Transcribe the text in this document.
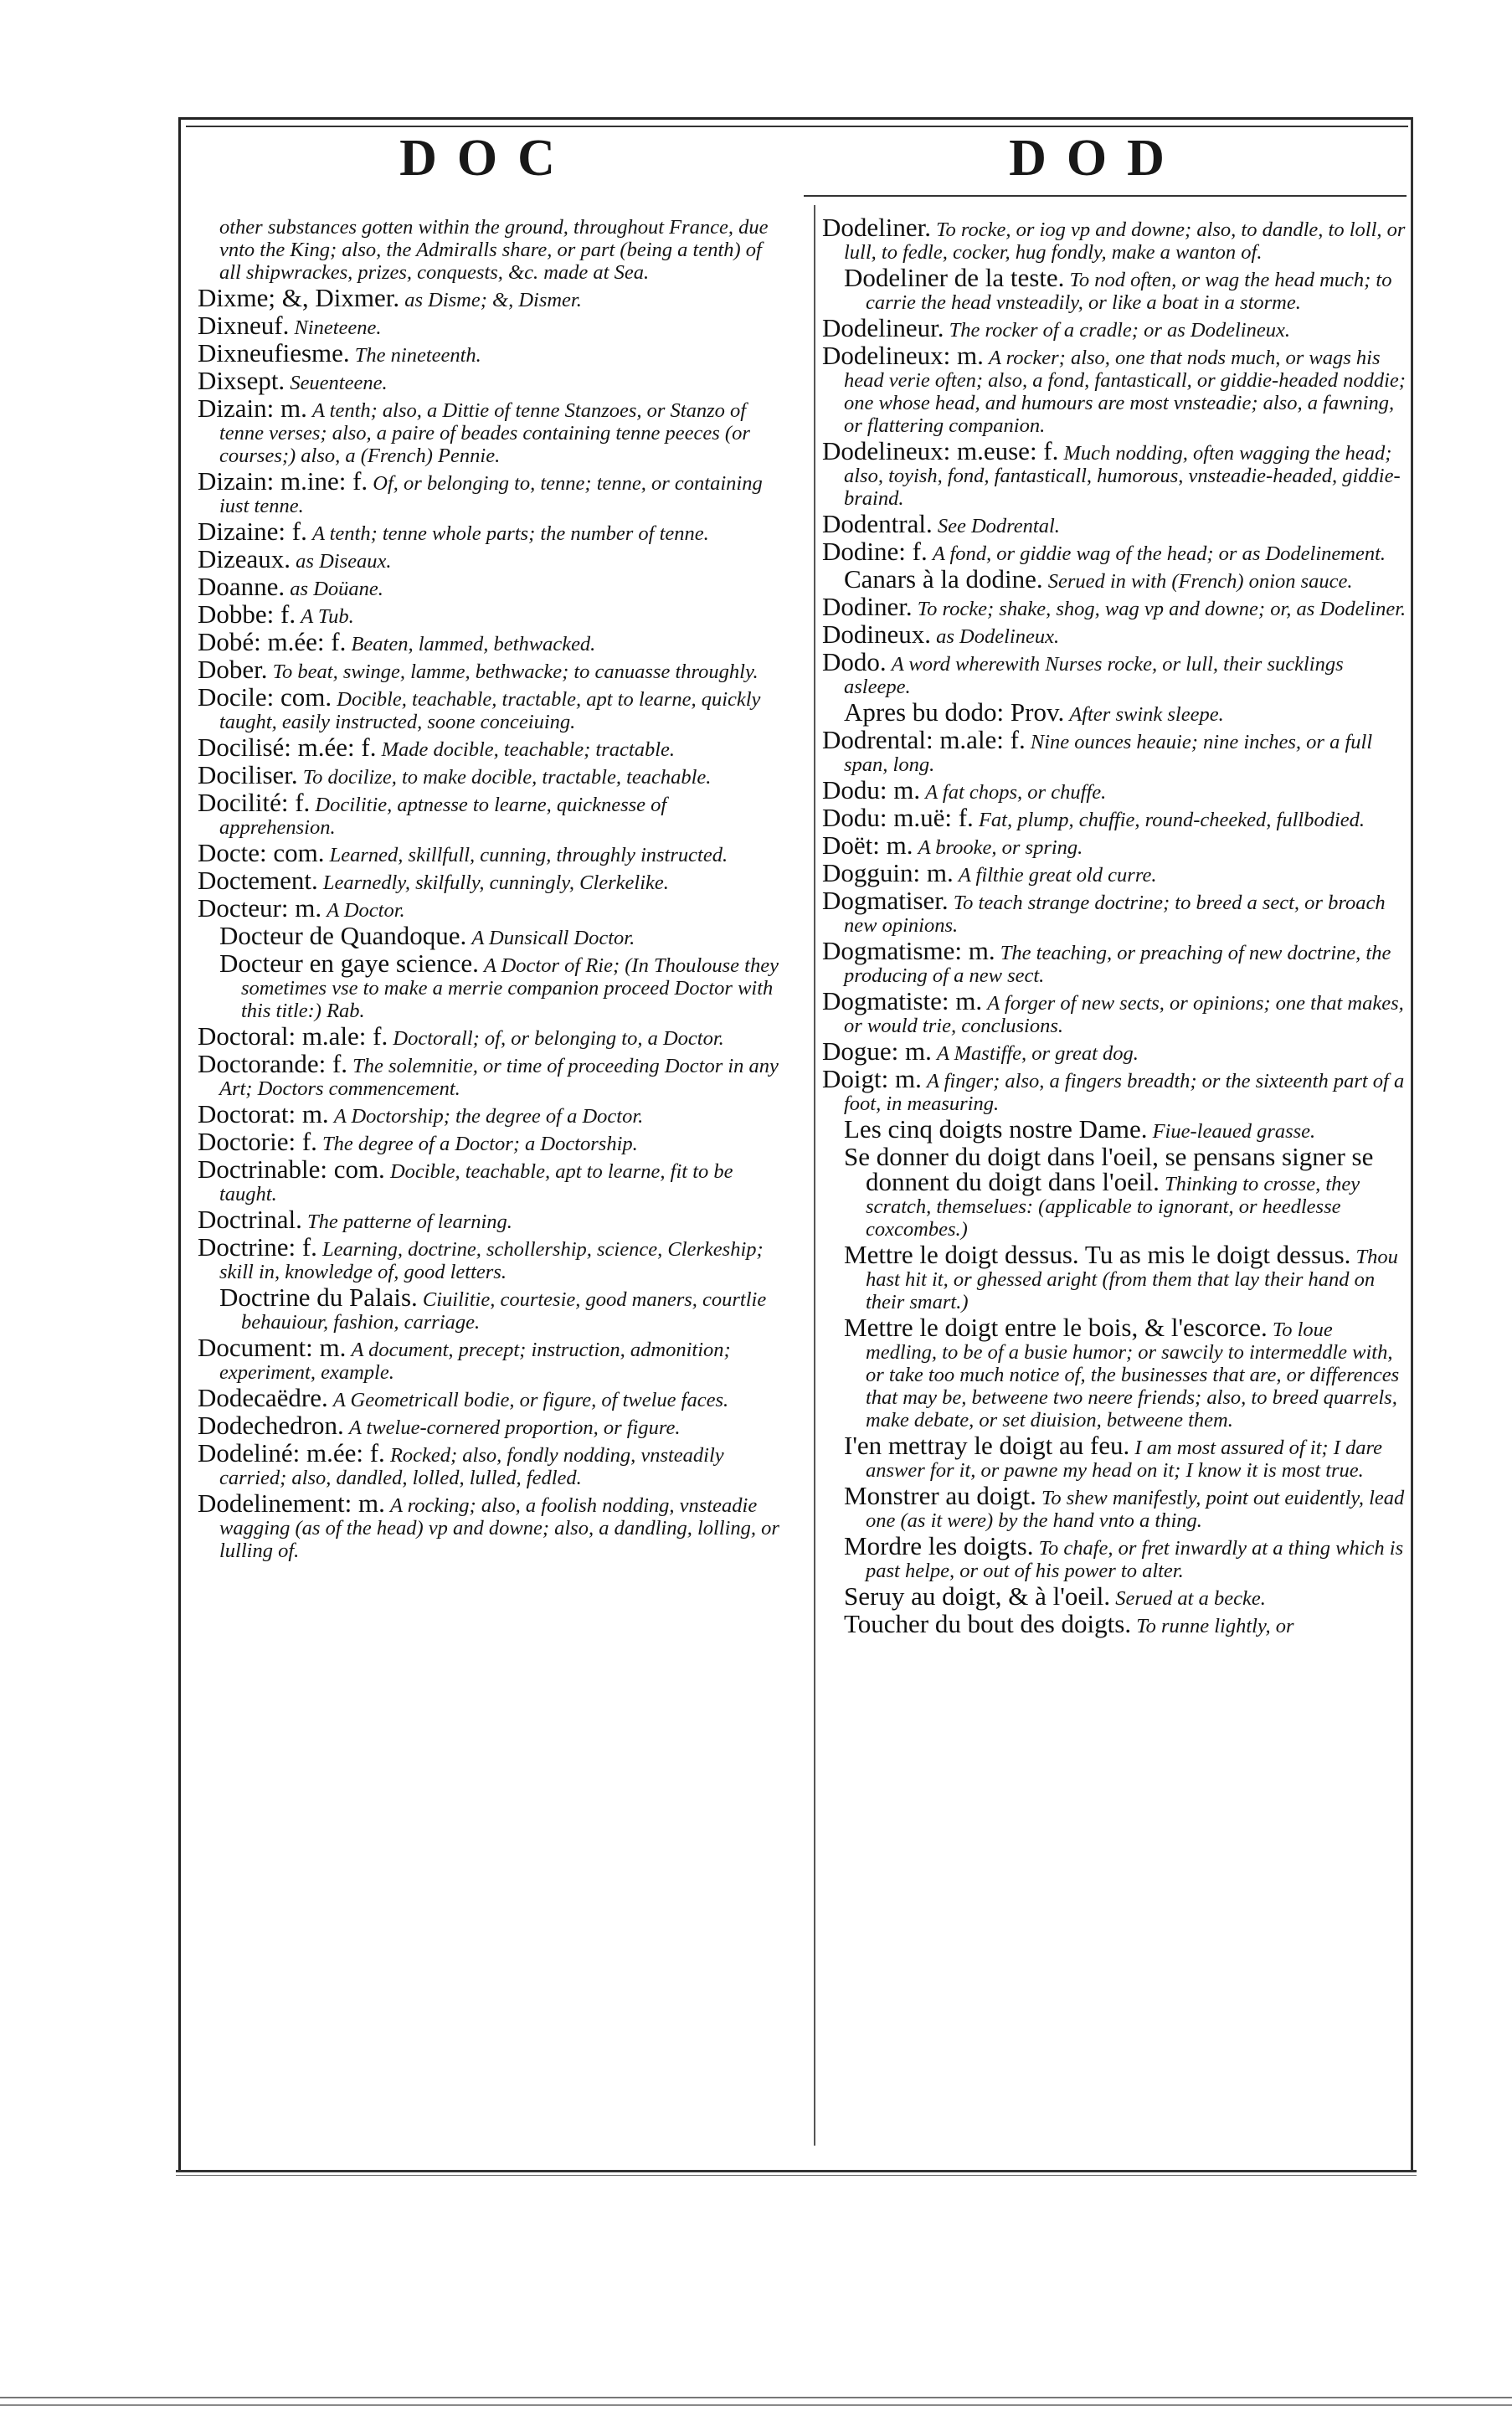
DOC	DOD

other substances gotten within the ground, throughout France, due vnto the King; also, the Admiralls share, or part (being a tenth) of all shipwrackes, prizes, conquests, &c. made at Sea.

Dixme; &, Dixmer. as Disme; &, Dismer.

Dixneuf. Nineteene.

Dixneufiesme. The nineteenth.

Dixsept. Seuenteene.

Dizain: m. A tenth; also, a Dittie of tenne Stanzoes, or Stanzo of tenne verses; also, a paire of beades containing tenne peeces (or courses;) also, a (French) Pennie.

Dizain: m.ine: f. Of, or belonging to, tenne; tenne, or containing iust tenne.

Dizaine: f. A tenth; tenne whole parts; the number of tenne.

Dizeaux. as Diseaux.

Doanne. as Doüane.

Dobbe: f. A Tub.

Dobé: m.ée: f. Beaten, lammed, bethwacked.

Dober. To beat, swinge, lamme, bethwacke; to canuasse throughly.

Docile: com. Docible, teachable, tractable, apt to learne, quickly taught, easily instructed, soone conceiuing.

Docilisé: m.ée: f. Made docible, teachable; tractable.

Dociliser. To docilize, to make docible, tractable, teachable.

Docilité: f. Docilitie, aptnesse to learne, quicknesse of apprehension.

Docte: com. Learned, skillfull, cunning, throughly instructed.

Doctement. Learnedly, skilfully, cunningly, Clerkelike.

Docteur: m. A Doctor.

Docteur de Quandoque. A Dunsicall Doctor.

Docteur en gaye science. A Doctor of Rie; (In Thoulouse they sometimes vse to make a merrie companion proceed Doctor with this title:) Rab.

Doctoral: m.ale: f. Doctorall; of, or belonging to, a Doctor.

Doctorande: f. The solemnitie, or time of proceeding Doctor in any Art; Doctors commencement.

Doctorat: m. A Doctorship; the degree of a Doctor.

Doctorie: f. The degree of a Doctor; a Doctorship.

Doctrinable: com. Docible, teachable, apt to learne, fit to be taught.

Doctrinal. The patterne of learning.

Doctrine: f. Learning, doctrine, schollership, science, Clerkeship; skill in, knowledge of, good letters.

Doctrine du Palais. Ciuilitie, courtesie, good maners, courtlie behauiour, fashion, carriage.

Document: m. A document, precept; instruction, admonition; experiment, example.

Dodecaëdre. A Geometricall bodie, or figure, of twelue faces.

Dodechedron. A twelue-cornered proportion, or figure.

Dodeliné: m.ée: f. Rocked; also, fondly nodding, vnsteadily carried; also, dandled, lolled, lulled, fedled.

Dodelinement: m. A rocking; also, a foolish nodding, vnsteadie wagging (as of the head) vp and downe; also, a dandling, lolling, or lulling of.

Dodeliner. To rocke, or iog vp and downe; also, to dandle, to loll, or lull, to fedle, cocker, hug fondly, make a wanton of.

Dodeliner de la teste. To nod often, or wag the head much; to carrie the head vnsteadily, or like a boat in a storme.

Dodelineur. The rocker of a cradle; or as Dodelineux.

Dodelineux: m. A rocker; also, one that nods much, or wags his head verie often; also, a fond, fantasticall, or giddie-headed noddie; one whose head, and humours are most vnsteadie; also, a fawning, or flattering companion.

Dodelineux: m.euse: f. Much nodding, often wagging the head; also, toyish, fond, fantasticall, humorous, vnsteadie-headed, giddie-braind.

Dodentral. See Dodrental.

Dodine: f. A fond, or giddie wag of the head; or as Dodelinement.

Canars à la dodine. Serued in with (French) onion sauce.

Dodiner. To rocke; shake, shog, wag vp and downe; or, as Dodeliner.

Dodineux. as Dodelineux.

Dodo. A word wherewith Nurses rocke, or lull, their sucklings asleepe.

Apres bu dodo: Prov. After swink sleepe.

Dodrental: m.ale: f. Nine ounces heauie; nine inches, or a full span, long.

Dodu: m. A fat chops, or chuffe.

Dodu: m.uë: f. Fat, plump, chuffie, round-cheeked, fullbodied.

Doët: m. A brooke, or spring.

Dogguin: m. A filthie great old curre.

Dogmatiser. To teach strange doctrine; to breed a sect, or broach new opinions.

Dogmatisme: m. The teaching, or preaching of new doctrine, the producing of a new sect.

Dogmatiste: m. A forger of new sects, or opinions; one that makes, or would trie, conclusions.

Dogue: m. A Mastiffe, or great dog.

Doigt: m. A finger; also, a fingers breadth; or the sixteenth part of a foot, in measuring.

Les cinq doigts nostre Dame. Fiue-leaued grasse.

Se donner du doigt dans l'oeil, se pensans signer se donnent du doigt dans l'oeil. Thinking to crosse, they scratch, themselues: (applicable to ignorant, or heedlesse coxcombes.)

Mettre le doigt dessus. Tu as mis le doigt dessus. Thou hast hit it, or ghessed aright (from them that lay their hand on their smart.)

Mettre le doigt entre le bois, & l'escorce. To loue medling, to be of a busie humor; or sawcily to intermeddle with, or take too much notice of, the businesses that are, or differences that may be, betweene two neere friends; also, to breed quarrels, make debate, or set diuision, betweene them.

I'en mettray le doigt au feu. I am most assured of it; I dare answer for it, or pawne my head on it; I know it is most true.

Monstrer au doigt. To shew manifestly, point out euidently, lead one (as it were) by the hand vnto a thing.

Mordre les doigts. To chafe, or fret inwardly at a thing which is past helpe, or out of his power to alter.

Seruy au doigt, & à l'oeil. Serued at a becke.

Toucher du bout des doigts. To runne lightly, or
